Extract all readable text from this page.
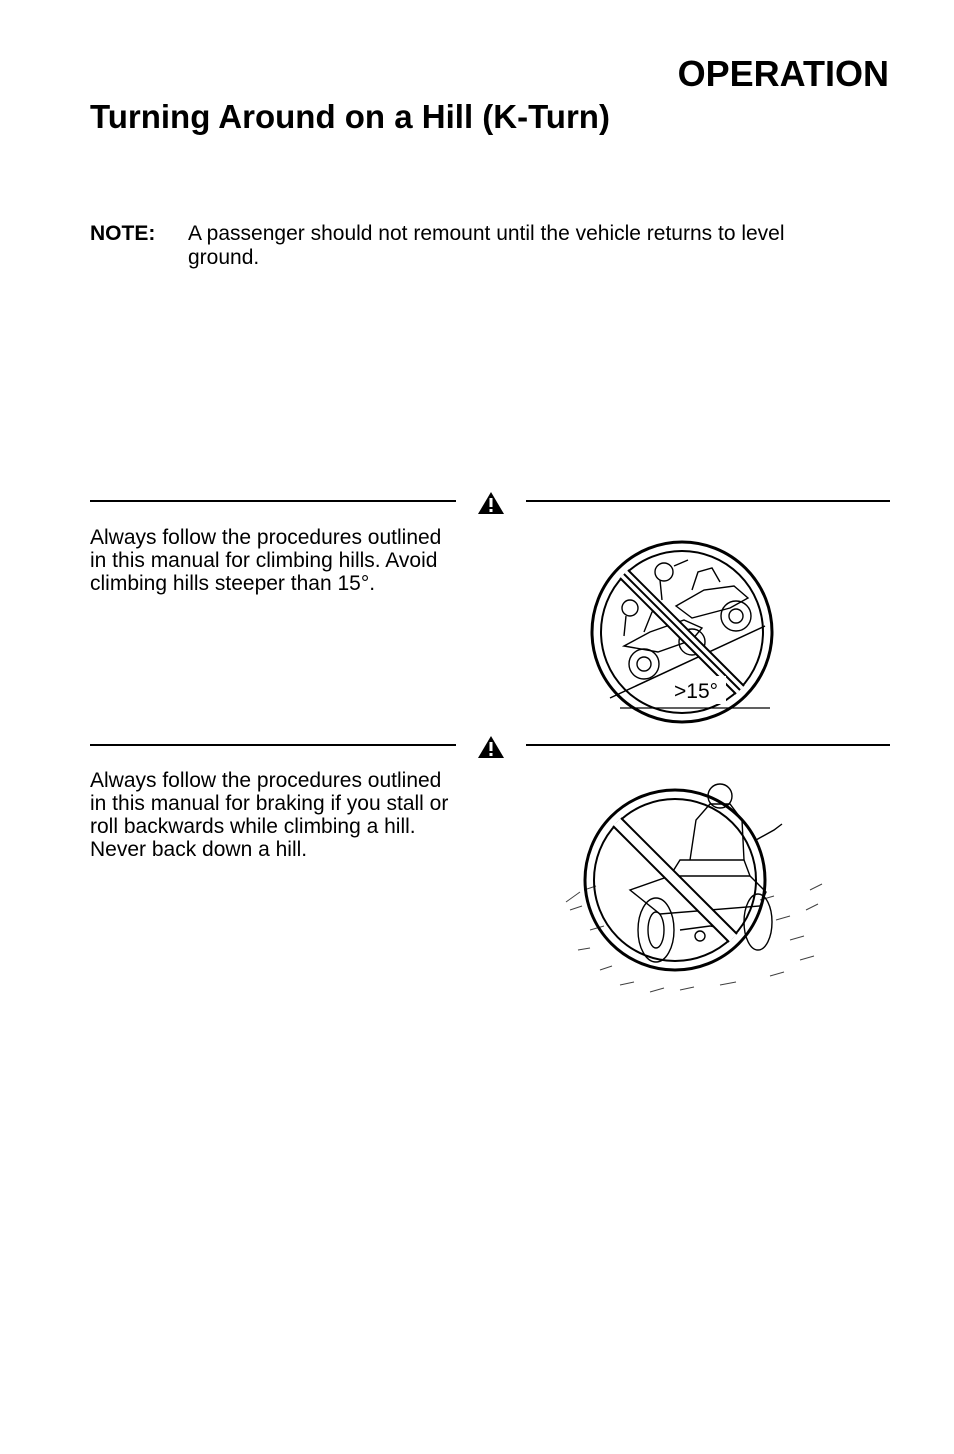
OPERATION
Turning Around on a Hill (K-Turn)
NOTE: A passenger should not remount until the vehicle returns to level ground.
Always follow the procedures outlined in this manual for climbing hills. Avoid climbing hills steeper than 15°.
>15°
Always follow the procedures outlined in this manual for braking if you stall or roll backwards while climbing a hill. Never back down a hill.
